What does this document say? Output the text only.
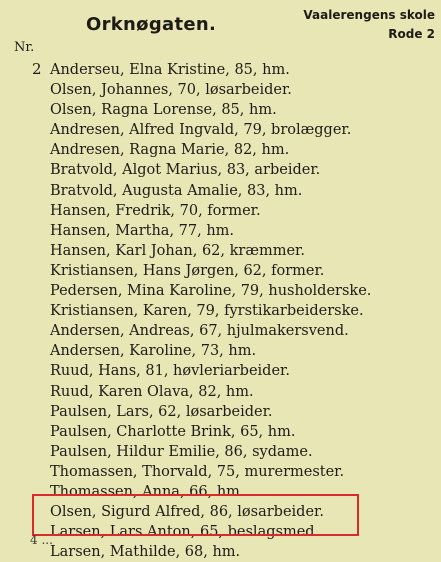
Orknøgaten.	Vaalerengens skole
Rode 2
Nr.
2 Anderseu, Elna Kristine, 85, hm.
Olsen, Johannes, 70, løsarbeider.
Olsen, Ragna Lorense, 85, hm.
Andresen, Alfred Ingvald, 79, brolægger.
Andresen, Ragna Marie, 82, hm.
Bratvold, Algot Marius, 83, arbeider.
Bratvold, Augusta Amalie, 83, hm.
Hansen, Fredrik, 70, former.
Hansen, Martha, 77, hm.
Hansen, Karl Johan, 62, kræmmer.
Kristiansen, Hans Jørgen, 62, former.
Pedersen, Mina Karoline, 79, husholderske.
Kristiansen, Karen, 79, fyrstikarbeiderske.
Andersen, Andreas, 67, hjulmakersvend.
Andersen, Karoline, 73, hm.
Ruud, Hans, 81, høvleriarbeider.
Ruud, Karen Olava, 82, hm.
Paulsen, Lars, 62, løsarbeider.
Paulsen, Charlotte Brink, 65, hm.
Paulsen, Hildur Emilie, 86, sydame.
Thomassen, Thorvald, 75, murermester.
Thomassen, Anna, 66, hm.
Olsen, Sigurd Alfred, 86, løsarbeider.
Larsen, Lars Anton, 65, beslagsmed.
Larsen, Mathilde, 68, hm.
4 ...
